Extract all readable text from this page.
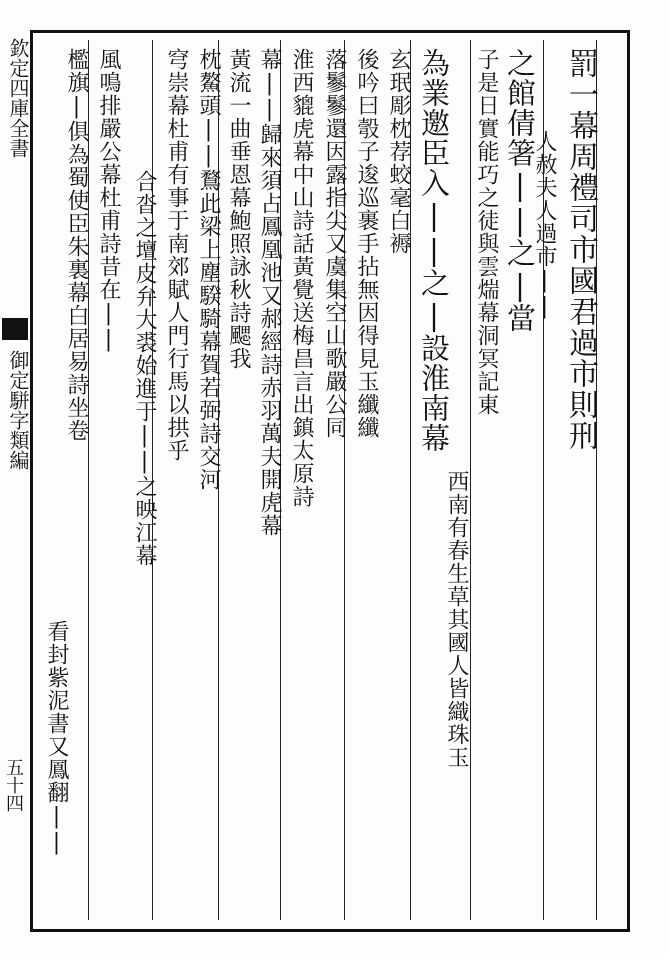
欽定四庫全書
御定駢字類編
五十四
罰一幕周禮司市國君過市則刑
人赦夫人過市||
之館倩箸||之|當
子是日實能巧之徒與雲煓幕洞冥記東
西南有春生草其國人皆織珠玉
為業邀臣入||之|設淮南幕
玄珉彫枕荐蛟毫白褥
後吟曰彀子逡巡裹手拈無因得見玉纖纖
落鬖鬖還因露指尖又虞集空山歌嚴公同
淮西貔虎幕中山詩話黃覺送梅昌言出鎮太原詩
幕||歸來須占鳳凰池又郝經詩赤羽萬夫開虎幕
黃流一曲垂恩幕鮑照詠秋詩颸我
枕鰲頭||鶩此梁上塵騤騎幕賀若弼詩交河
穹崇幕杜甫有事于南郊賦人門行馬以拱乎
合沓之壇皮弁大裘始進于||之映江幕
風鳴排嚴公幕杜甫詩昔在||
檻旗|俱為蜀使臣朱裏幕白居易詩坐卷
看封紫泥書又鳳翻||
